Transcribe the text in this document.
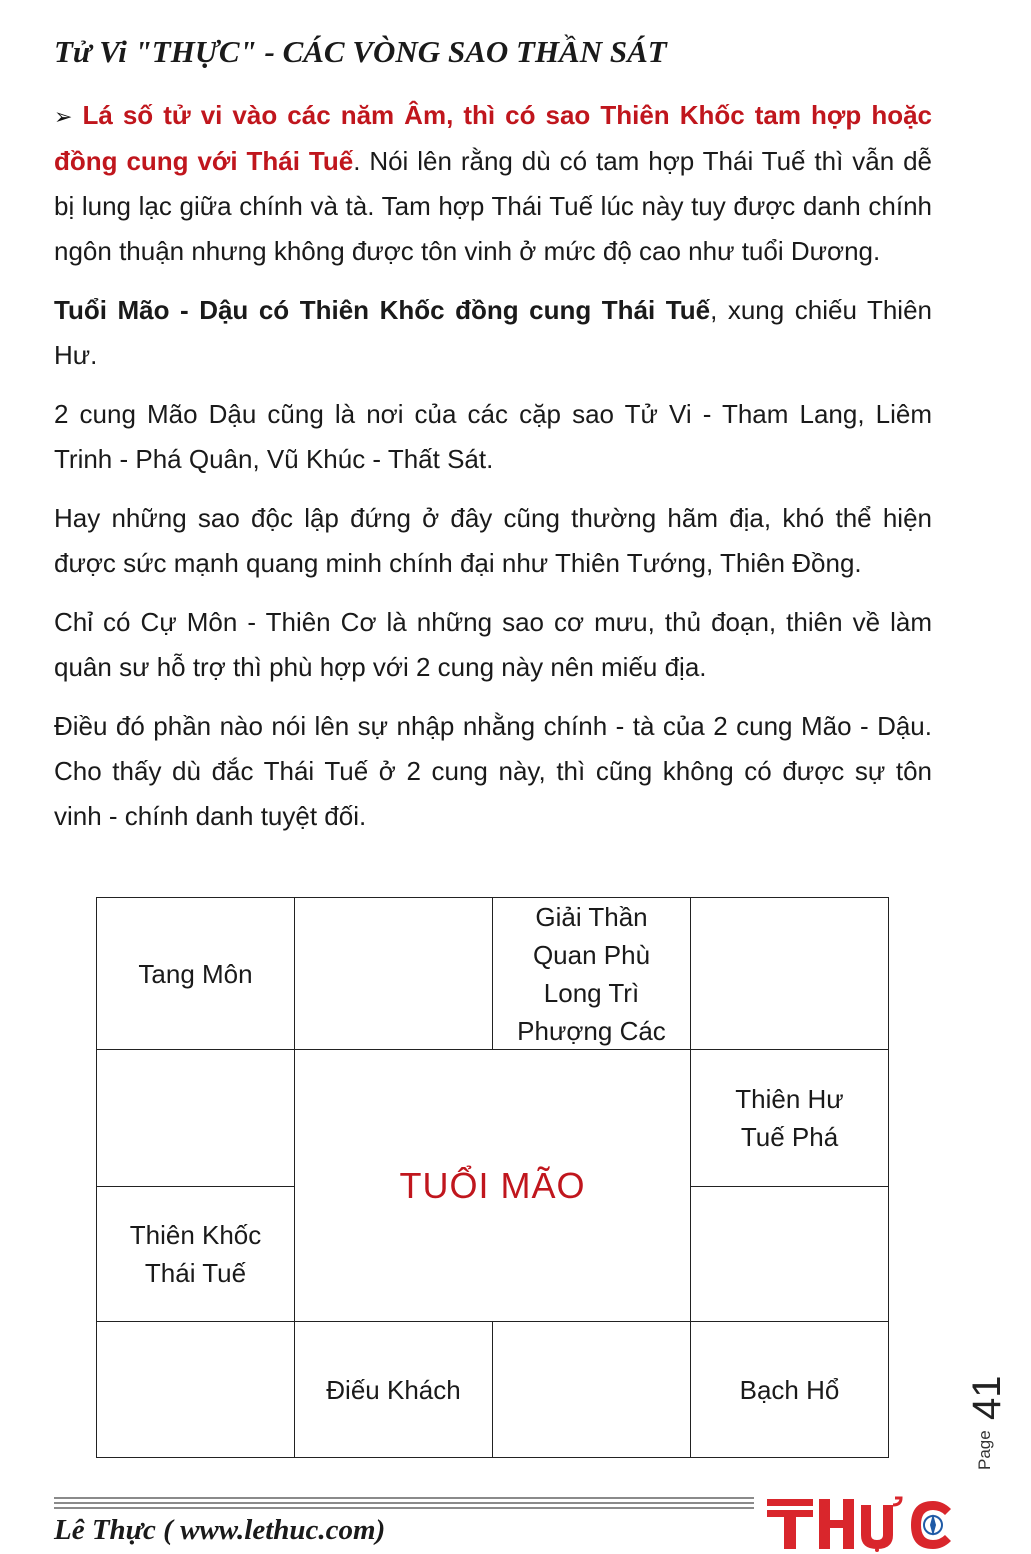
Tử Vi "THỰC" - CÁC VÒNG SAO THẦN SÁT

➢ Lá số tử vi vào các năm Âm, thì có sao Thiên Khốc tam hợp hoặc đồng cung với Thái Tuế. Nói lên rằng dù có tam hợp Thái Tuế thì vẫn dễ bị lung lạc giữa chính và tà. Tam hợp Thái Tuế lúc này tuy được danh chính ngôn thuận nhưng không được tôn vinh ở mức độ cao như tuổi Dương.

Tuổi Mão - Dậu có Thiên Khốc đồng cung Thái Tuế, xung chiếu Thiên Hư.

2 cung Mão Dậu cũng là nơi của các cặp sao Tử Vi - Tham Lang, Liêm Trinh - Phá Quân, Vũ Khúc - Thất Sát.

Hay những sao độc lập đứng ở đây cũng thường hãm địa, khó thể hiện được sức mạnh quang minh chính đại như Thiên Tướng, Thiên Đồng.

Chỉ có Cự Môn - Thiên Cơ là những sao cơ mưu, thủ đoạn, thiên về làm quân sư hỗ trợ thì phù hợp với 2 cung này nên miếu địa.

Điều đó phần nào nói lên sự nhập nhằng chính - tà của 2 cung Mão - Dậu. Cho thấy dù đắc Thái Tuế ở 2 cung này, thì cũng không có được sự tôn vinh - chính danh tuyệt đối.

Tang Môn
Giải Thần
Quan Phù
Long Trì
Phượng Các
Thiên Hư
Tuế Phá
TUỔI MÃO
Thiên Khốc
Thái Tuế
Điếu Khách	Bạch Hổ
Page
41
Lê Thực ( www.lethuc.com)
